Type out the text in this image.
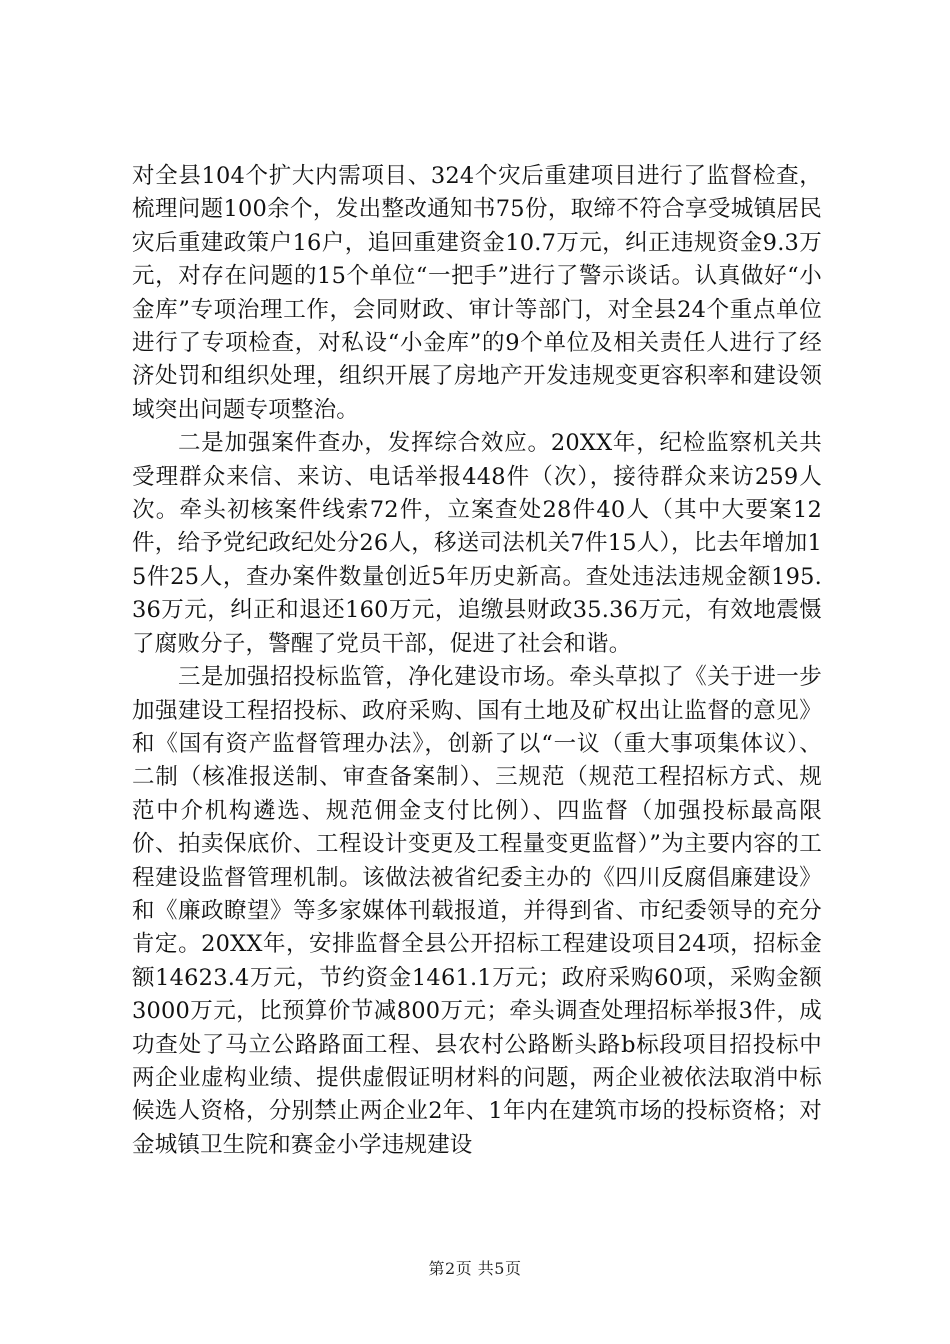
对全县104个扩大内需项目、324个灾后重建项目进行了监督检查，梳理问题100余个，发出整改通知书75份，取缔不符合享受城镇居民灾后重建政策户16户，追回重建资金10.7万元，纠正违规资金9.3万元，对存在问题的15个单位“一把手”进行了警示谈话。认真做好“小金库”专项治理工作，会同财政、审计等部门，对全县24个重点单位进行了专项检查，对私设“小金库”的9个单位及相关责任人进行了经济处罚和组织处理，组织开展了房地产开发违规变更容积率和建设领域突出问题专项整治。

二是加强案件查办，发挥综合效应。20XX年，纪检监察机关共受理群众来信、来访、电话举报448件（次），接待群众来访259人次。牵头初核案件线索72件，立案查处28件40人（其中大要案12件，给予党纪政纪处分26人，移送司法机关7件15人），比去年增加15件25人，查办案件数量创近5年历史新高。查处违法违规金额195.36万元，纠正和退还160万元，追缴县财政35.36万元，有效地震慑了腐败分子，警醒了党员干部，促进了社会和谐。

三是加强招投标监管，净化建设市场。牵头草拟了《关于进一步加强建设工程招投标、政府采购、国有土地及矿权出让监督的意见》和《国有资产监督管理办法》，创新了以“一议（重大事项集体议）、二制（核准报送制、审查备案制）、三规范（规范工程招标方式、规范中介机构遴选、规范佣金支付比例）、四监督（加强投标最高限价、拍卖保底价、工程设计变更及工程量变更监督）”为主要内容的工程建设监督管理机制。该做法被省纪委主办的《四川反腐倡廉建设》和《廉政瞭望》等多家媒体刊载报道，并得到省、市纪委领导的充分肯定。20XX年，安排监督全县公开招标工程建设项目24项，招标金额14623.4万元，节约资金1461.1万元；政府采购60项，采购金额3000万元，比预算价节减800万元；牵头调查处理招标举报3件，成功查处了马立公路路面工程、县农村公路断头路b标段项目招投标中两企业虚构业绩、提供虚假证明材料的问题，两企业被依法取消中标候选人资格，分别禁止两企业2年、1年内在建筑市场的投标资格；对金城镇卫生院和赛金小学违规建设

第2页 共5页
